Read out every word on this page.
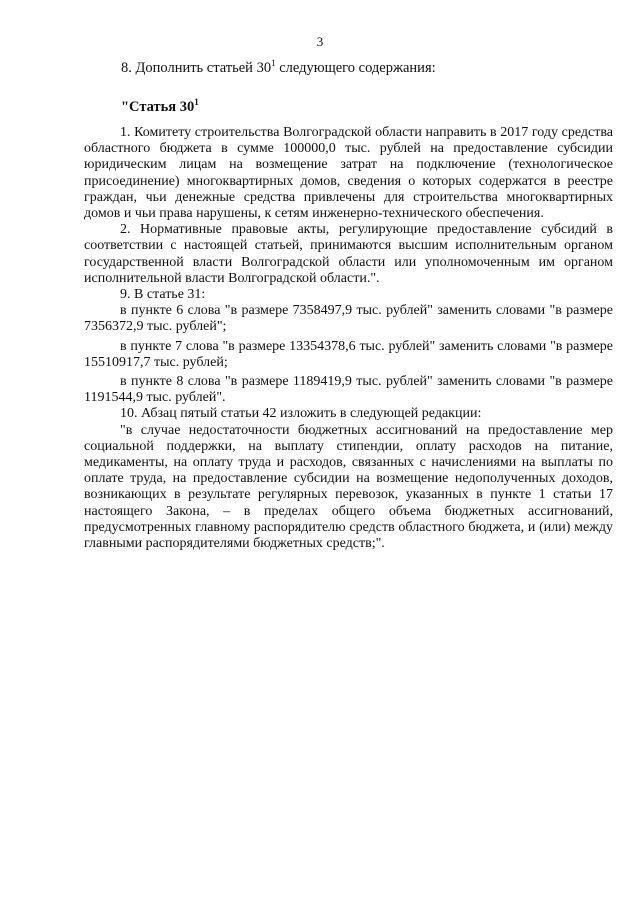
3
8. Дополнить статьей $30^1$ следующего содержания:
"Статья $30^1$

1. Комитету строительства Волгоградской области направить в 2017 году средства областного бюджета в сумме 100000,0 тыс. рублей на предоставление субсидии юридическим лицам на возмещение затрат на подключение (технологическое присоединение) многоквартирных домов, сведения о которых содержатся в реестре граждан, чьи денежные средства привлечены для строительства многоквартирных домов и чьи права нарушены, к сетям инженерно-технического обеспечения.

2. Нормативные правовые акты, регулирующие предоставление субсидий в соответствии с настоящей статьей, принимаются высшим исполнительным органом государственной власти Волгоградской области или уполномоченным им органом исполнительной власти Волгоградской области.".

9. В статье 31:

в пункте 6 слова "в размере 7358497,9 тыс. рублей" заменить словами "в размере 7356372,9 тыс. рублей";

в пункте 7 слова "в размере 13354378,6 тыс. рублей" заменить словами "в размере 15510917,7 тыс. рублей;

в пункте 8 слова "в размере 1189419,9 тыс. рублей" заменить словами "в размере 1191544,9 тыс. рублей".

10. Абзац пятый статьи 42 изложить в следующей редакции:

"в случае недостаточности бюджетных ассигнований на предоставление мер социальной поддержки, на выплату стипендии, оплату расходов на питание, медикаменты, на оплату труда и расходов, связанных с начислениями на выплаты по оплате труда, на предоставление субсидии на возмещение недополученных доходов, возникающих в результате регулярных перевозок, указанных в пункте 1 статьи 17 настоящего Закона, – в пределах общего объема бюджетных ассигнований, предусмотренных главному распорядителю средств областного бюджета, и (или) между главными распорядителями бюджетных средств;".
